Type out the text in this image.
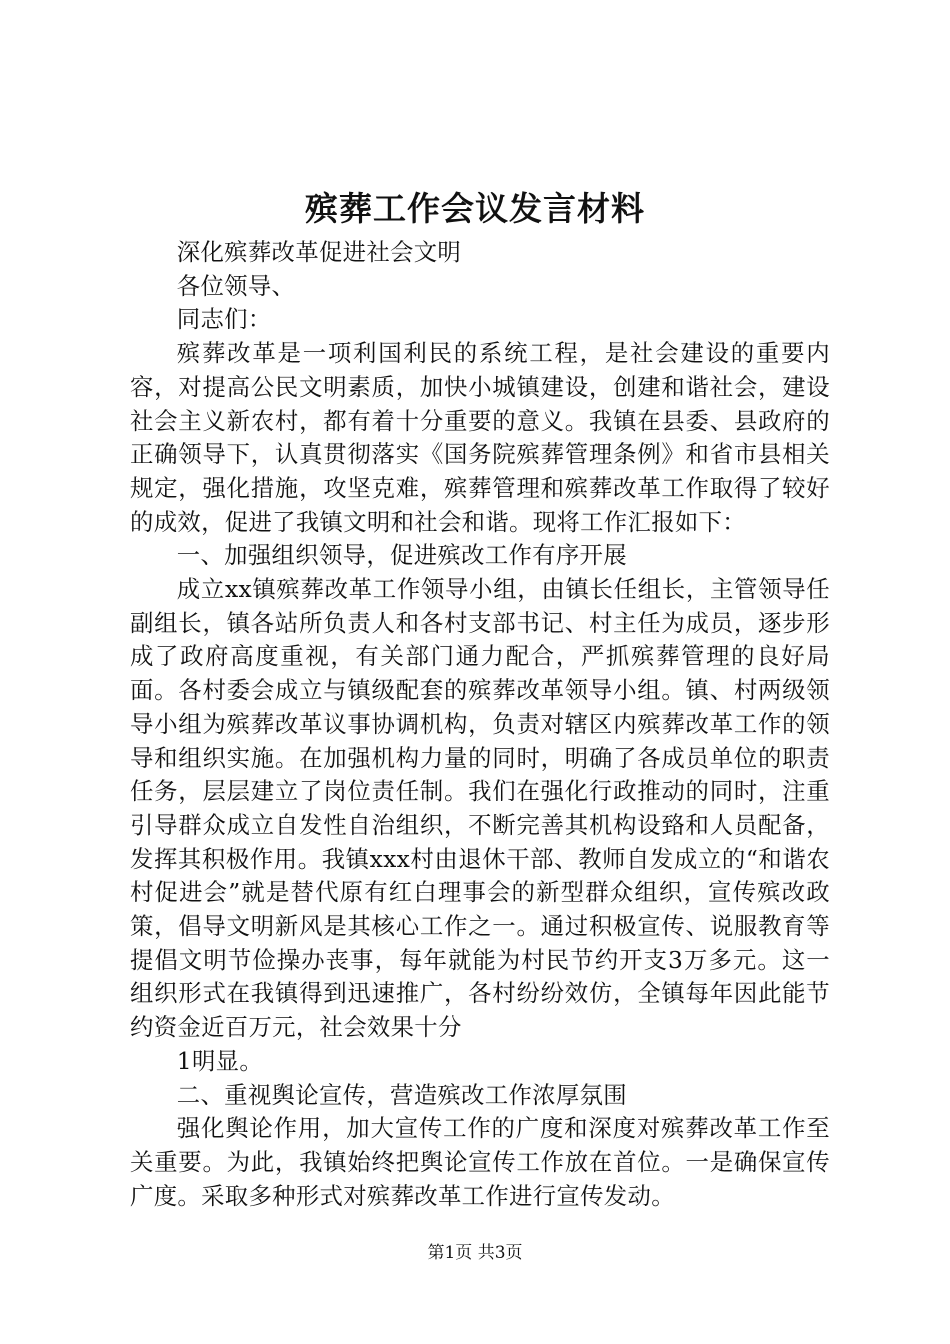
殡葬工作会议发言材料

深化殡葬改革促进社会文明

各位领导、

同志们：

殡葬改革是一项利国利民的系统工程，是社会建设的重要内容，对提高公民文明素质，加快小城镇建设，创建和谐社会，建设社会主义新农村，都有着十分重要的意义。我镇在县委、县政府的正确领导下，认真贯彻落实《国务院殡葬管理条例》和省市县相关规定，强化措施，攻坚克难，殡葬管理和殡葬改革工作取得了较好的成效，促进了我镇文明和社会和谐。现将工作汇报如下：

一、加强组织领导，促进殡改工作有序开展

成立xx镇殡葬改革工作领导小组，由镇长任组长，主管领导任副组长，镇各站所负责人和各村支部书记、村主任为成员，逐步形成了政府高度重视，有关部门通力配合，严抓殡葬管理的良好局面。各村委会成立与镇级配套的殡葬改革领导小组。镇、村两级领导小组为殡葬改革议事协调机构，负责对辖区内殡葬改革工作的领导和组织实施。在加强机构力量的同时，明确了各成员单位的职责任务，层层建立了岗位责任制。我们在强化行政推动的同时，注重引导群众成立自发性自治组织，不断完善其机构设臵和人员配备，发挥其积极作用。我镇xxx村由退休干部、教师自发成立的“和谐农村促进会”就是替代原有红白理事会的新型群众组织，宣传殡改政策，倡导文明新风是其核心工作之一。通过积极宣传、说服教育等提倡文明节俭操办丧事，每年就能为村民节约开支3万多元。这一组织形式在我镇得到迅速推广，各村纷纷效仿，全镇每年因此能节约资金近百万元，社会效果十分

1明显。

二、重视舆论宣传，营造殡改工作浓厚氛围

强化舆论作用，加大宣传工作的广度和深度对殡葬改革工作至关重要。为此，我镇始终把舆论宣传工作放在首位。一是确保宣传广度。采取多种形式对殡葬改革工作进行宣传发动。

第1页 共3页
